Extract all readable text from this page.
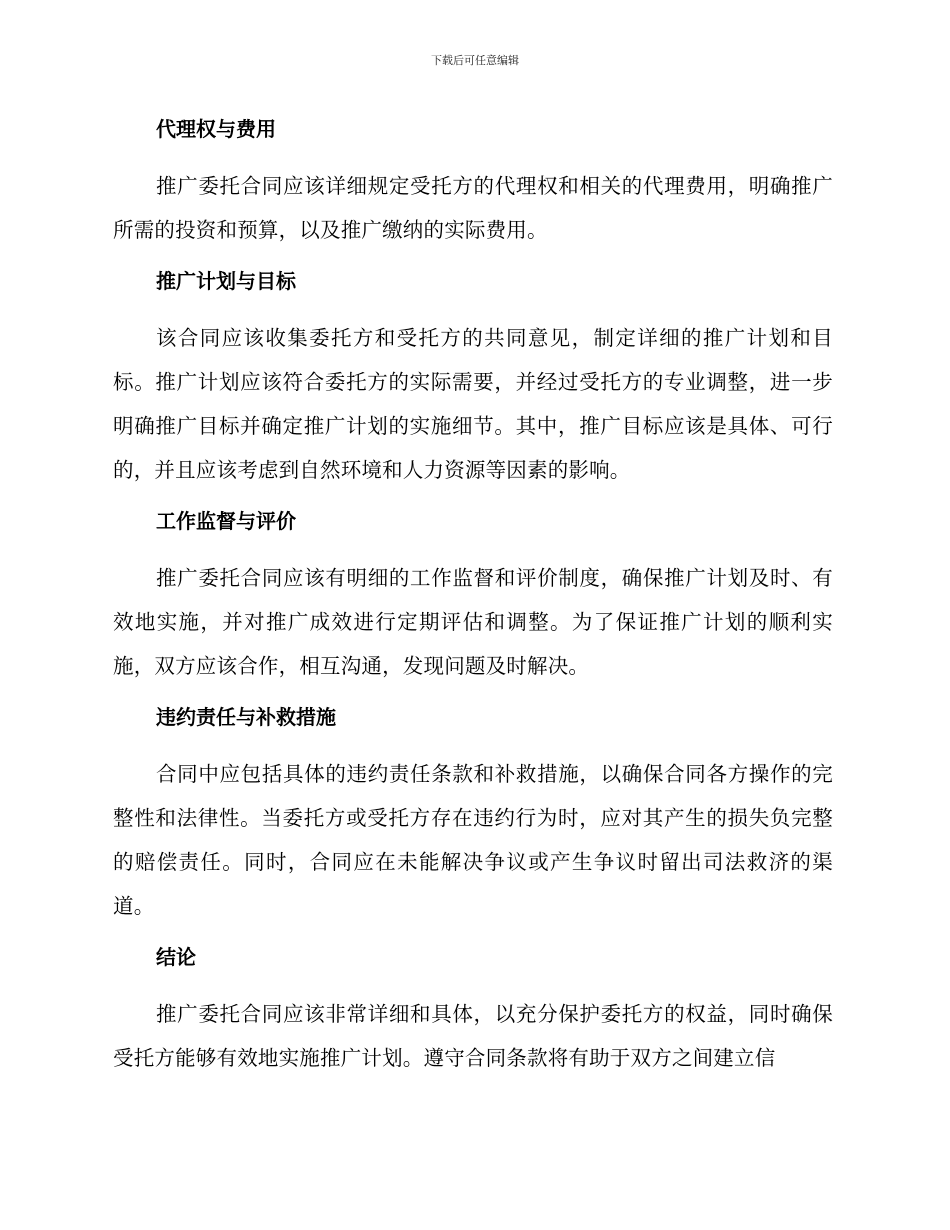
下载后可任意编辑
代理权与费用

推广委托合同应该详细规定受托方的代理权和相关的代理费用，明确推广所需的投资和预算，以及推广缴纳的实际费用。

推广计划与目标

该合同应该收集委托方和受托方的共同意见，制定详细的推广计划和目标。推广计划应该符合委托方的实际需要，并经过受托方的专业调整，进一步明确推广目标并确定推广计划的实施细节。其中，推广目标应该是具体、可行的，并且应该考虑到自然环境和人力资源等因素的影响。

工作监督与评价

推广委托合同应该有明细的工作监督和评价制度，确保推广计划及时、有效地实施，并对推广成效进行定期评估和调整。为了保证推广计划的顺利实施，双方应该合作，相互沟通，发现问题及时解决。

违约责任与补救措施

合同中应包括具体的违约责任条款和补救措施，以确保合同各方操作的完整性和法律性。当委托方或受托方存在违约行为时，应对其产生的损失负完整的赔偿责任。同时，合同应在未能解决争议或产生争议时留出司法救济的渠道。

结论

推广委托合同应该非常详细和具体，以充分保护委托方的权益，同时确保受托方能够有效地实施推广计划。遵守合同条款将有助于双方之间建立信
